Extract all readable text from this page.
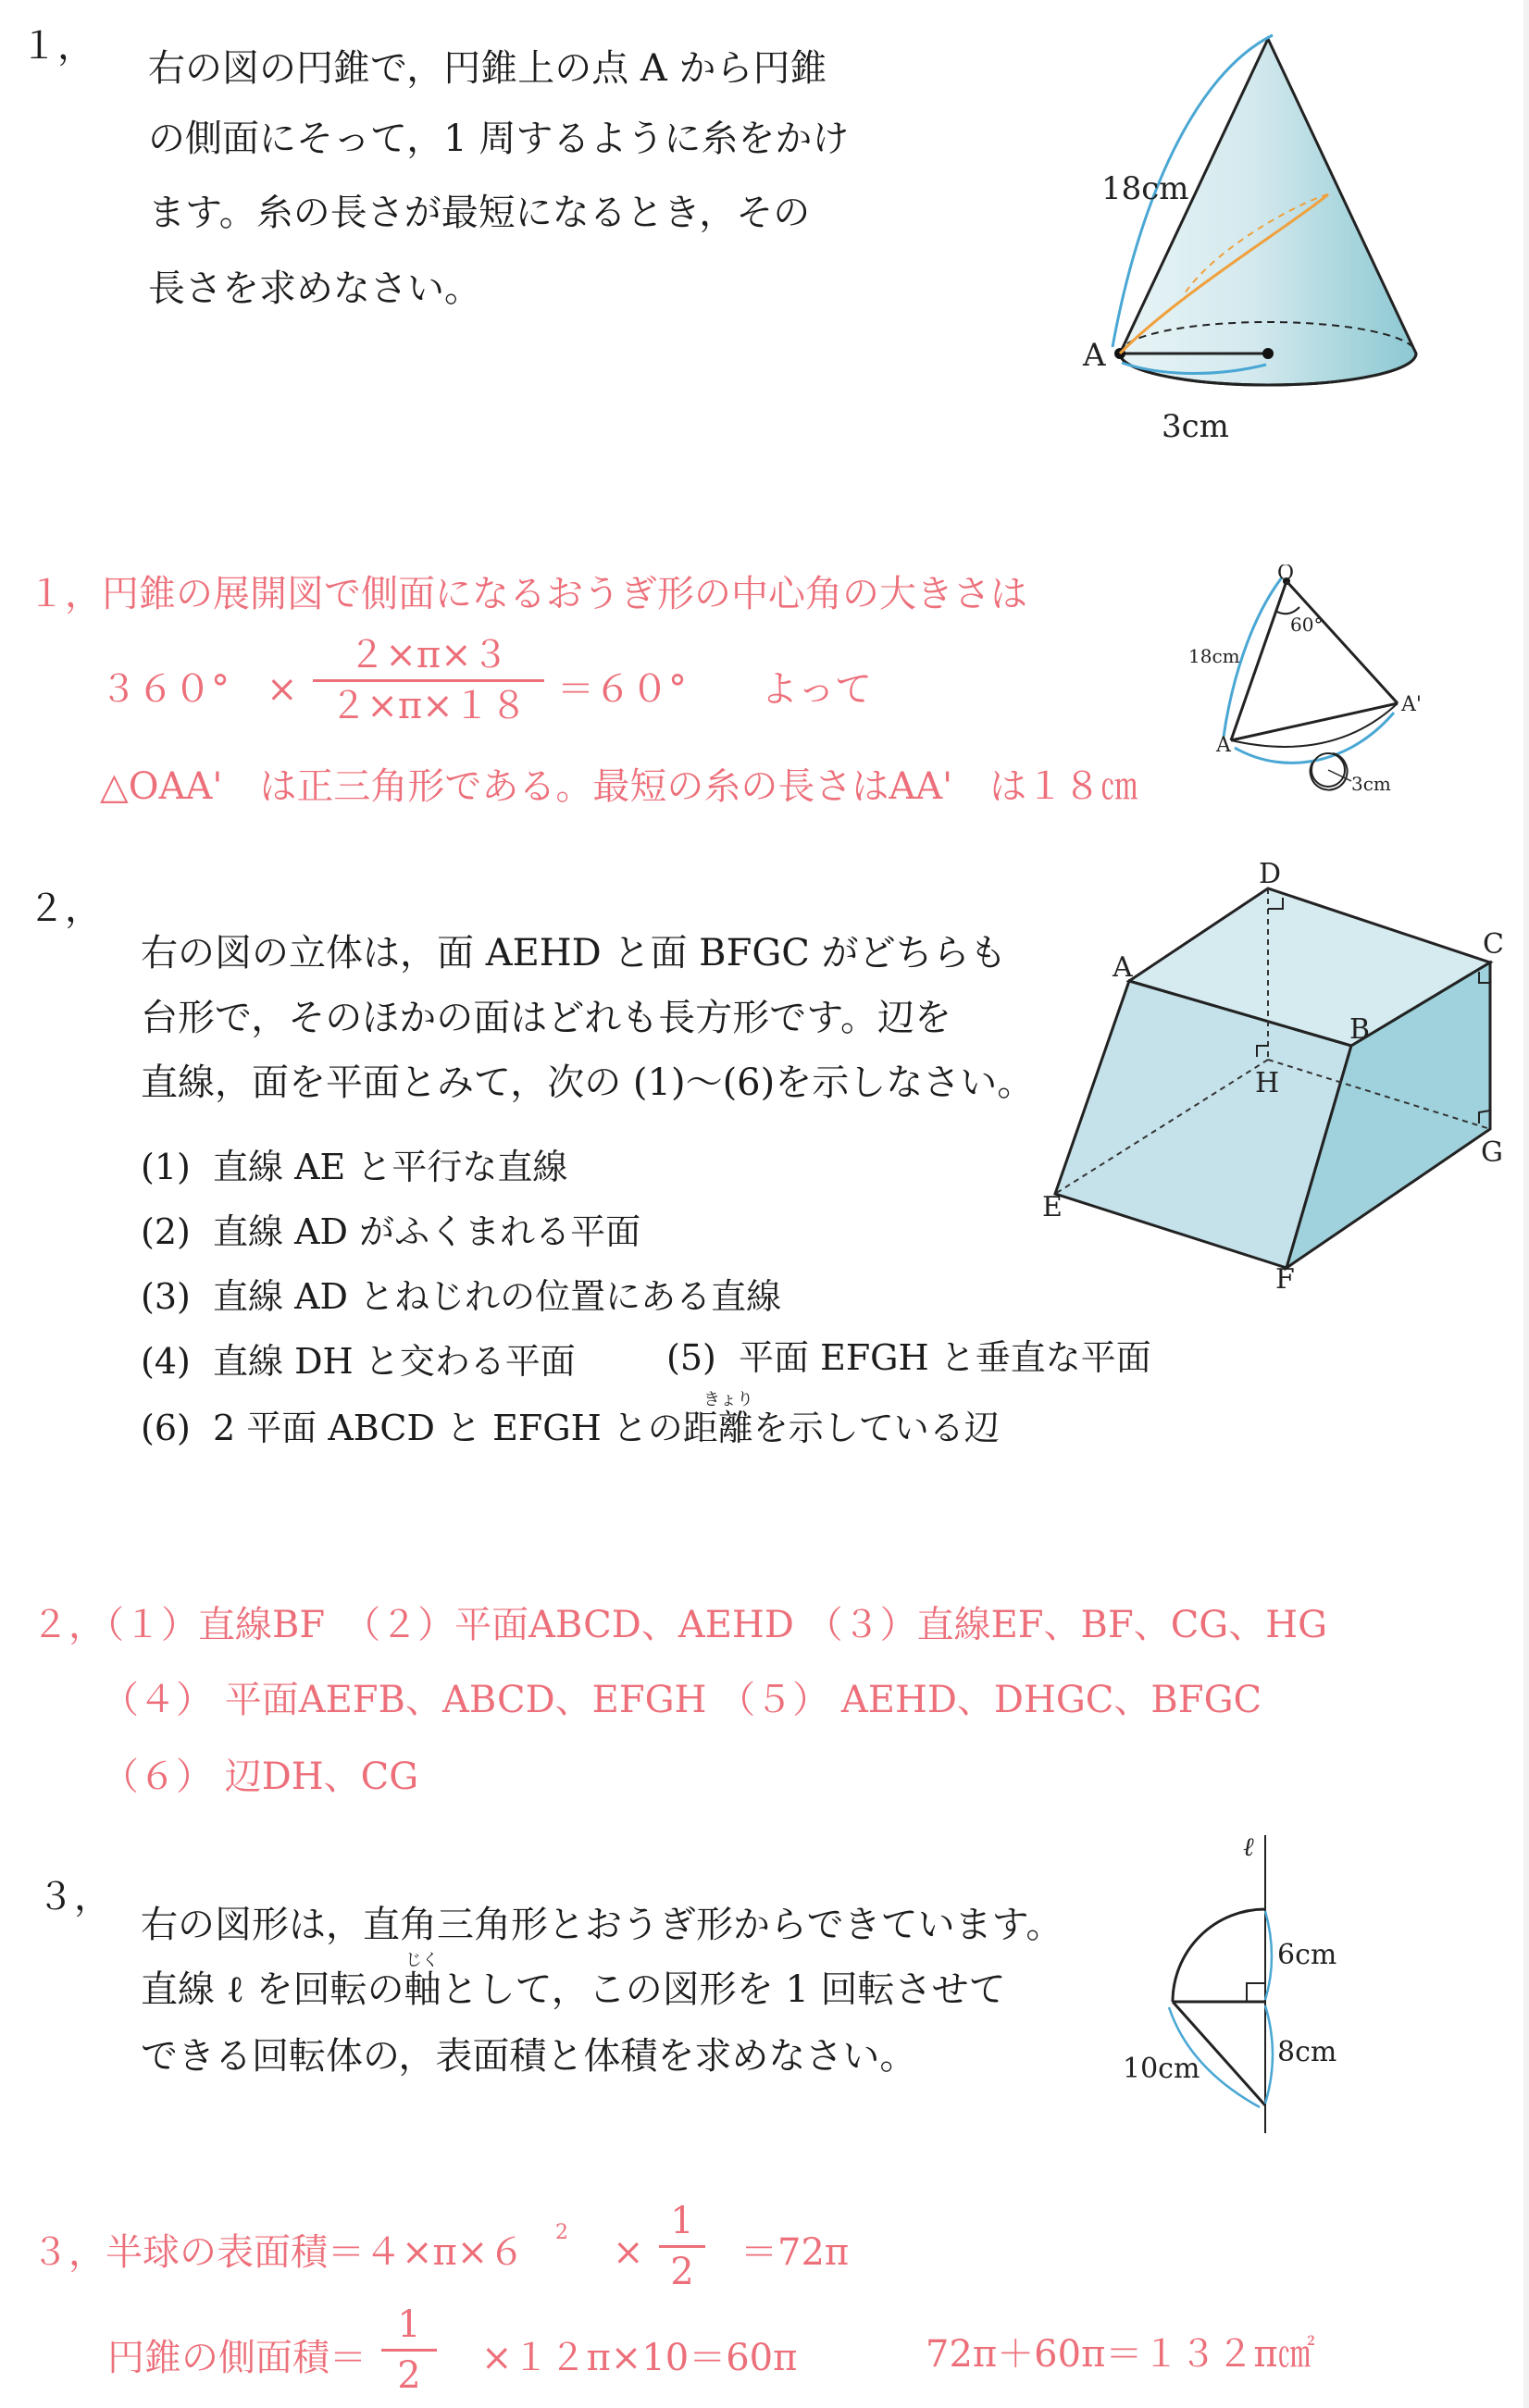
１，
右の図の円錐で，円錐上の点 A から円錐
の側面にそって，1 周するように糸をかけ
ます。糸の長さが最短になるとき，その
長さを求めなさい。
18cm
A
3cm
１，円錐の展開図で側面になるおうぎ形の中心角の大きさは
３６０°　×
２×π×３
２×π×１８ ＝６０°　　よって
△OAA'　は正三角形である。最短の糸の長さはAA'　は１８㎝
O
60°
18cm
A
A'
3cm
２，
右の図の立体は，面 AEHD と面 BFGC がどちらも
台形で，そのほかの面はどれも長方形です。辺を
直線，面を平面とみて，次の (1)～(6)を示しなさい。
(1) 直線 AE と平行な直線
(2) 直線 AD がふくまれる平面
(3) 直線 AD とねじれの位置にある直線
(4) 直線 DH と交わる平面	(5) 平面 EFGH と垂直な平面
きょり
(6) 2 平面 ABCD と EFGH との距離を示している辺
A
B
C
D
E
F
G
H
２，（１）直線BF　（２）平面ABCD、AEHD （３）直線EF、BF、CG、HG
（４） 平面AEFB、ABCD、EFGH （５） AEHD、DHGC、BFGC
（６） 辺DH、CG
３，
右の図形は，直角三角形とおうぎ形からできています。
じく
直線 ℓ を回転の軸として，この図形を 1 回転させて
できる回転体の，表面積と体積を求めなさい。
ℓ
6cm
8cm
10cm
３，半球の表面積＝４×π×６ 2 ×
1
2	＝72π
円錐の側面積＝
1
2	×１２π×10＝60π	72π＋60π＝１３２π㎠
